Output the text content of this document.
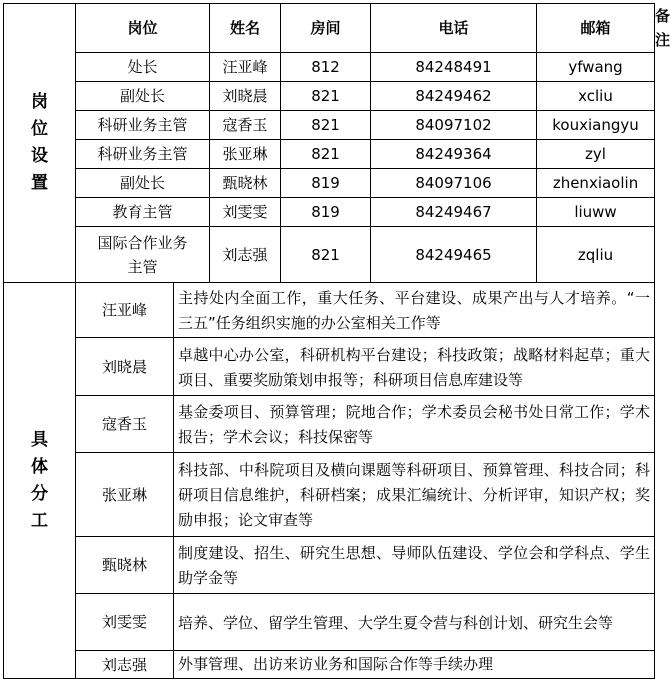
岗
位
设
置	岗位		姓名	房间	电话	邮箱	备注
	处长		汪亚峰	812	84248491	yfwang	
	副处长		刘晓晨	821	84249462	xcliu	
	科研业务主管		寇香玉	821	84097102	kouxiangyu	
	科研业务主管		张亚琳	821	84249364	zyl	
	副处长		甄晓林	819	84097106	zhenxiaolin	
	教育主管		刘雯雯	819	84249467	liuww	

	国际合作业务
主管		刘志强	821	84249465	zqliu	

具
体
分
工	汪亚峰	主持处内全面工作，重大任务、平台建设、成果产出与人才培养。“一三五”任务组织实施的办公室相关工作等					
	刘晓晨	卓越中心办公室，科研机构平台建设；科技政策；战略材料起草；重大项目、重要奖励策划申报等；科研项目信息库建设等					
	寇香玉	基金委项目、预算管理；院地合作；学术委员会秘书处日常工作；学术报告；学术会议；科技保密等					
	张亚琳	科技部、中科院项目及横向课题等科研项目、预算管理、科技合同；科研项目信息维护，科研档案；成果汇编统计、分析评审，知识产权；奖励申报；论文审查等					
	甄晓林	制度建设、招生、研究生思想、导师队伍建设、学位会和学科点、学生助学金等					
	刘雯雯	培养、学位、留学生管理、大学生夏令营与科创计划、研究生会等					
	刘志强	外事管理、出访来访业务和国际合作等手续办理					
